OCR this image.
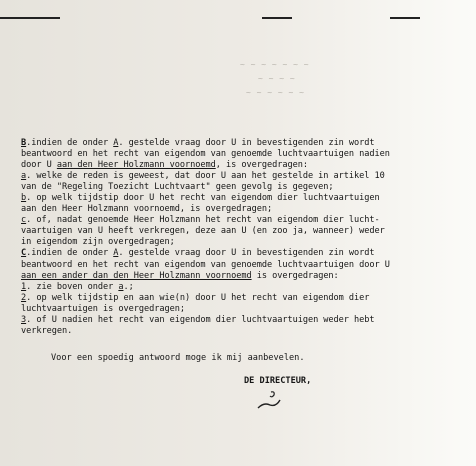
~ ~ ~ ~ ~ ~ ~
~ ~ ~ ~
~ ~ ~ ~ ~ ~
B.indien de onder A. gestelde vraag door U in bevestigenden zin wordt
beantwoord en het recht van eigendom van genoemde luchtvaartuigen nadien
door U aan den Heer Holzmann voornoemd, is overgedragen:
a. welke de reden is geweest, dat door U aan het gestelde in artikel 10
van de "Regeling Toezicht Luchtvaart" geen gevolg is gegeven;
b. op welk tijdstip door U het recht van eigendom dier luchtvaartuigen
aan den Heer Holzmann voornoemd, is overgedragen;
c. of, nadat genoemde Heer Holzmann het recht van eigendom dier lucht-
vaartuigen van U heeft verkregen, deze aan U (en zoo ja, wanneer) weder
in eigendom zijn overgedragen;
C.indien de onder A. gestelde vraag door U in bevestigenden zin wordt
beantwoord en het recht van eigendom van genoemde luchtvaartuigen door U
aan een ander dan den Heer Holzmann voornoemd is overgedragen:
1. zie boven onder a.;
2. op welk tijdstip en aan wie(n) door U het recht van eigendom dier
luchtvaartuigen is overgedragen;
3. of U nadien het recht van eigendom dier luchtvaartuigen weder hebt
verkregen.
Voor een spoedig antwoord moge ik mij aanbevelen.
DE DIRECTEUR,
